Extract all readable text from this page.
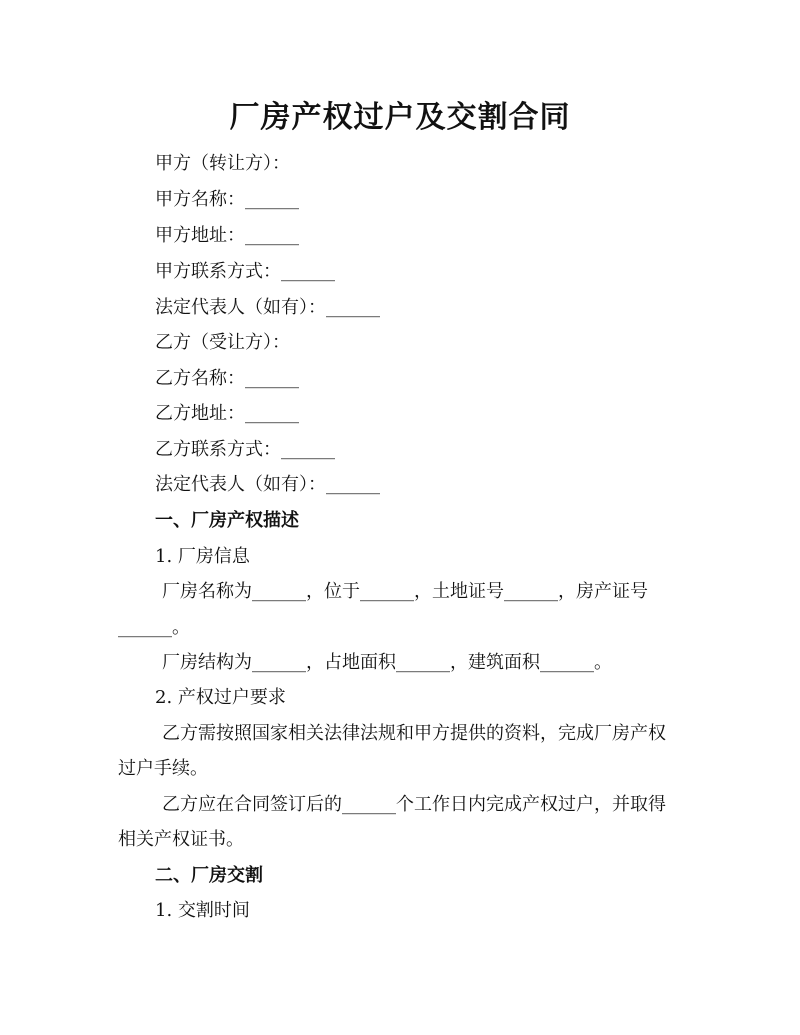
厂房产权过户及交割合同
甲方（转让方）：
甲方名称：______
甲方地址：______
甲方联系方式：______
法定代表人（如有）：______
乙方（受让方）：
乙方名称：______
乙方地址：______
乙方联系方式：______
法定代表人（如有）：______
一、厂房产权描述
1. 厂房信息
厂房名称为______，位于______，土地证号______，房产证号
______。
厂房结构为______，占地面积______，建筑面积______。
2. 产权过户要求
乙方需按照国家相关法律法规和甲方提供的资料，完成厂房产权
过户手续。
乙方应在合同签订后的______个工作日内完成产权过户，并取得
相关产权证书。
二、厂房交割
1. 交割时间
